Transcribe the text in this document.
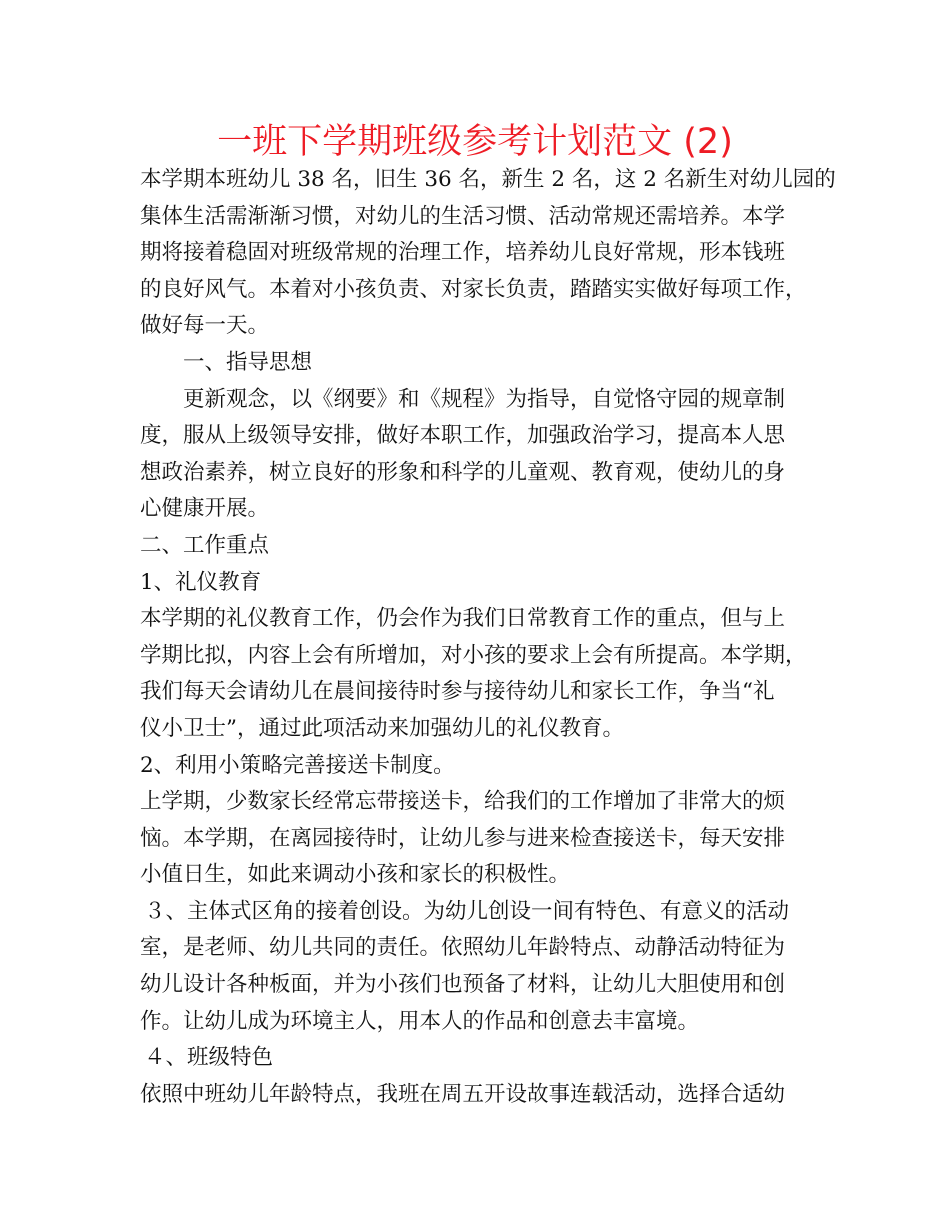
一班下学期班级参考计划范文 (2)
本学期本班幼儿 38 名，旧生 36 名，新生 2 名，这 2 名新生对幼儿园的
集体生活需渐渐习惯，对幼儿的生活习惯、活动常规还需培养。本学
期将接着稳固对班级常规的治理工作，培养幼儿良好常规，形本钱班
的良好风气。本着对小孩负责、对家长负责，踏踏实实做好每项工作，
做好每一天。
一、指导思想
更新观念，以《纲要》和《规程》为指导，自觉恪守园的规章制
度，服从上级领导安排，做好本职工作，加强政治学习，提高本人思
想政治素养，树立良好的形象和科学的儿童观、教育观，使幼儿的身
心健康开展。
二、工作重点
1、礼仪教育
本学期的礼仪教育工作，仍会作为我们日常教育工作的重点，但与上
学期比拟，内容上会有所增加，对小孩的要求上会有所提高。本学期，
我们每天会请幼儿在晨间接待时参与接待幼儿和家长工作，争当“礼
仪小卫士”，通过此项活动来加强幼儿的礼仪教育。
2、利用小策略完善接送卡制度。
上学期，少数家长经常忘带接送卡，给我们的工作增加了非常大的烦
恼。本学期，在离园接待时，让幼儿参与进来检查接送卡，每天安排
小值日生，如此来调动小孩和家长的积极性。
３、主体式区角的接着创设。为幼儿创设一间有特色、有意义的活动
室，是老师、幼儿共同的责任。依照幼儿年龄特点、动静活动特征为
幼儿设计各种板面，并为小孩们也预备了材料，让幼儿大胆使用和创
作。让幼儿成为环境主人，用本人的作品和创意去丰富境。
４、班级特色
依照中班幼儿年龄特点，我班在周五开设故事连载活动，选择合适幼
